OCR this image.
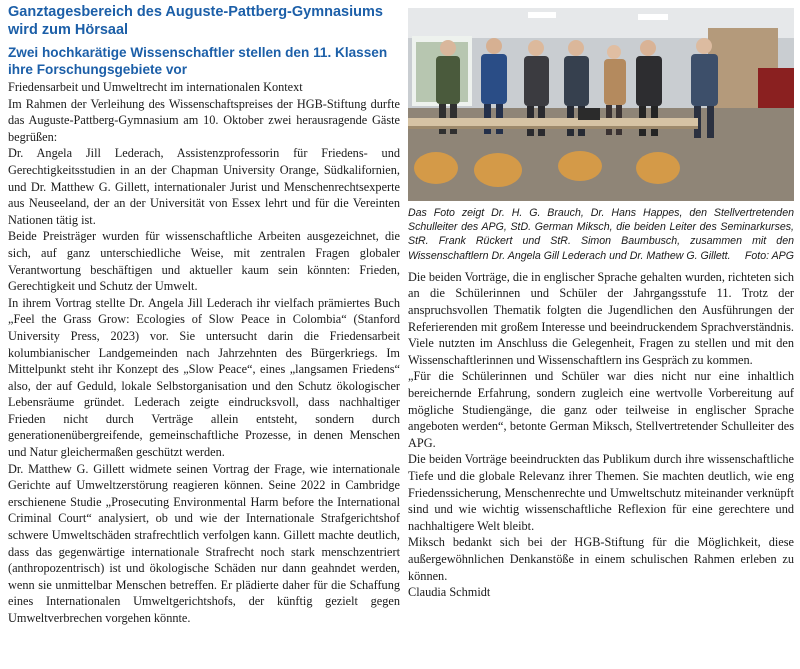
Ganztagesbereich des Auguste-Pattberg-Gymnasiums wird zum Hörsaal
Zwei hochkarätige Wissenschaftler stellen den 11. Klassen ihre Forschungsgebiete vor

Friedensarbeit und Umweltrecht im internationalen Kontext

Im Rahmen der Verleihung des Wissenschaftspreises der HGB-Stiftung durfte das Auguste-Pattberg-Gymnasium am 10. Oktober zwei herausragende Gäste begrüßen:

Dr. Angela Jill Lederach, Assistenzprofessorin für Friedens- und Gerechtigkeitsstudien in an der Chapman University Orange, Südkalifornien, und Dr. Matthew G. Gillett, internationaler Jurist und Menschenrechtsexperte aus Neuseeland, der an der Universität von Essex lehrt und für die Vereinten Nationen tätig ist.

Beide Preisträger wurden für wissenschaftliche Arbeiten ausgezeichnet, die sich, auf ganz unterschiedliche Weise, mit zentralen Fragen globaler Verantwortung beschäftigen und aktueller kaum sein könnten: Frieden, Gerechtigkeit und Schutz der Umwelt.

In ihrem Vortrag stellte Dr. Angela Jill Lederach ihr vielfach prämiertes Buch „Feel the Grass Grow: Ecologies of Slow Peace in Colombia“ (Stanford University Press, 2023) vor. Sie untersucht darin die Friedensarbeit kolumbianischer Landgemeinden nach Jahrzehnten des Bürgerkriegs. Im Mittelpunkt steht ihr Konzept des „Slow Peace“, eines „langsamen Friedens“ also, der auf Geduld, lokale Selbstorganisation und den Schutz ökologischer Lebensräume gründet. Lederach zeigte eindrucksvoll, dass nachhaltiger Frieden nicht durch Verträge allein entsteht, sondern durch generationenübergreifende, gemeinschaftliche Prozesse, in denen Menschen und Natur gleichermaßen geschützt werden.

Dr. Matthew G. Gillett widmete seinen Vortrag der Frage, wie internationale Gerichte auf Umweltzerstörung reagieren können. Seine 2022 in Cambridge erschienene Studie „Prosecuting Environmental Harm before the International Criminal Court“ analysiert, ob und wie der Internationale Strafgerichtshof schwere Umweltschäden strafrechtlich verfolgen kann. Gillett machte deutlich, dass das gegenwärtige internationale Strafrecht noch stark menschzentriert (anthropozentrisch) ist und ökologische Schäden nur dann geahndet werden, wenn sie unmittelbar Menschen betreffen. Er plädierte daher für die Schaffung eines Internationalen Umweltgerichtshofs, der künftig gezielt gegen Umweltverbrechen vorgehen könnte.

Das Foto zeigt Dr. H. G. Brauch, Dr. Hans Happes, den Stellvertretenden Schulleiter des APG, StD. German Miksch, die beiden Leiter des Seminarkurses, StR. Frank Rückert und StR. Simon Baumbusch, zusammen mit den Wissenschaftlern Dr. Angela Gill Lederach und Dr. Mathew G. Gillett. Foto: APG

Die beiden Vorträge, die in englischer Sprache gehalten wurden, richteten sich an die Schülerinnen und Schüler der Jahrgangsstufe 11. Trotz der anspruchsvollen Thematik folgten die Jugendlichen den Ausführungen der Referierenden mit großem Interesse und beeindruckendem Sprachverständnis. Viele nutzten im Anschluss die Gelegenheit, Fragen zu stellen und mit den Wissenschaftlerinnen und Wissenschaftlern ins Gespräch zu kommen.

„Für die Schülerinnen und Schüler war dies nicht nur eine inhaltlich bereichernde Erfahrung, sondern zugleich eine wertvolle Vorbereitung auf mögliche Studiengänge, die ganz oder teilweise in englischer Sprache angeboten werden“, betonte German Miksch, Stellvertretender Schulleiter des APG.

Die beiden Vorträge beeindruckten das Publikum durch ihre wissenschaftliche Tiefe und die globale Relevanz ihrer Themen. Sie machten deutlich, wie eng Friedenssicherung, Menschenrechte und Umweltschutz miteinander verknüpft sind und wie wichtig wissenschaftliche Reflexion für eine gerechtere und nachhaltigere Welt bleibt.

Miksch bedankt sich bei der HGB-Stiftung für die Möglichkeit, diese außergewöhnlichen Denkanstöße in einem schulischen Rahmen erleben zu können.

Claudia Schmidt
